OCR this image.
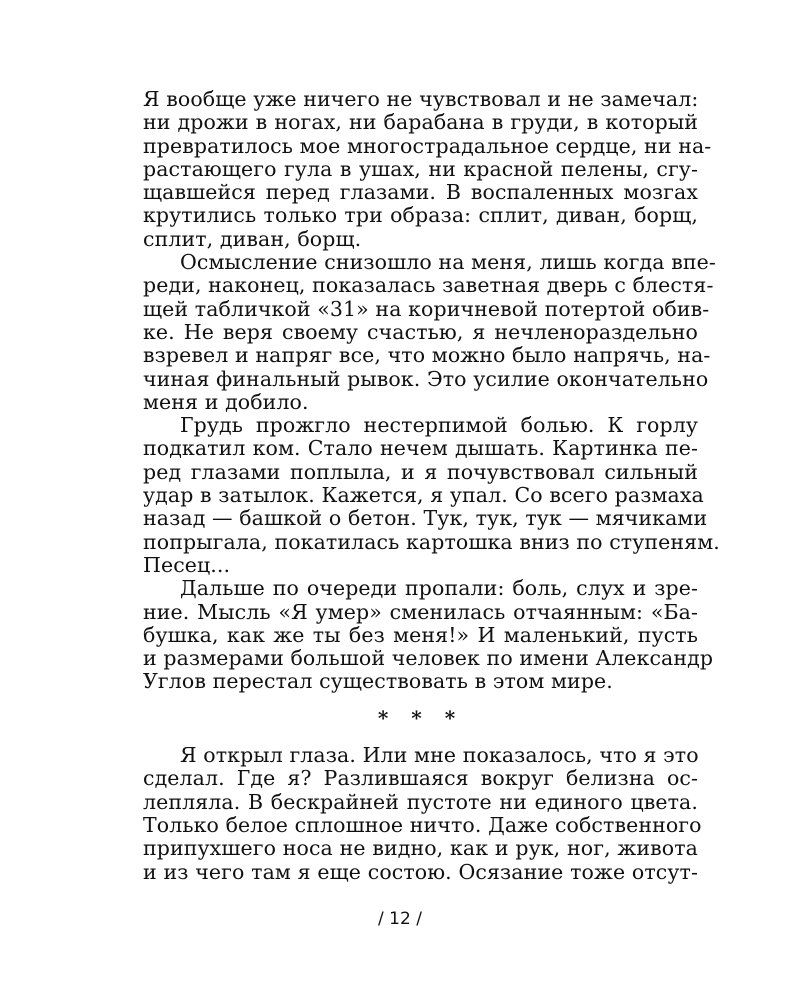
Я вообще уже ничего не чувствовал и не замечал:
ни дрожи в ногах, ни барабана в груди, в который
превратилось мое многострадальное сердце, ни на-
растающего гула в ушах, ни красной пелены, сгу-
щавшейся перед глазами. В воспаленных мозгах
крутились только три образа: сплит, диван, борщ,
сплит, диван, борщ.
Осмысление снизошло на меня, лишь когда впе-
реди, наконец, показалась заветная дверь с блестя-
щей табличкой «31» на коричневой потертой обив-
ке. Не веря своему счастью, я нечленораздельно
взревел и напряг все, что можно было напрячь, на-
чиная финальный рывок. Это усилие окончательно
меня и добило.
Грудь прожгло нестерпимой болью. К горлу
подкатил ком. Стало нечем дышать. Картинка пе-
ред глазами поплыла, и я почувствовал сильный
удар в затылок. Кажется, я упал. Со всего размаха
назад — башкой о бетон. Тук, тук, тук — мячиками
попрыгала, покатилась картошка вниз по ступеням.
Песец...
Дальше по очереди пропали: боль, слух и зре-
ние. Мысль «Я умер» сменилась отчаянным: «Ба-
бушка, как же ты без меня!» И маленький, пусть
и размерами большой человек по имени Александр
Углов перестал существовать в этом мире.
* * *
Я открыл глаза. Или мне показалось, что я это
сделал. Где я? Разлившаяся вокруг белизна ос-
лепляла. В бескрайней пустоте ни единого цвета.
Только белое сплошное ничто. Даже собственного
припухшего носа не видно, как и рук, ног, живота
и из чего там я еще состою. Осязание тоже отсут-
/ 12 /
